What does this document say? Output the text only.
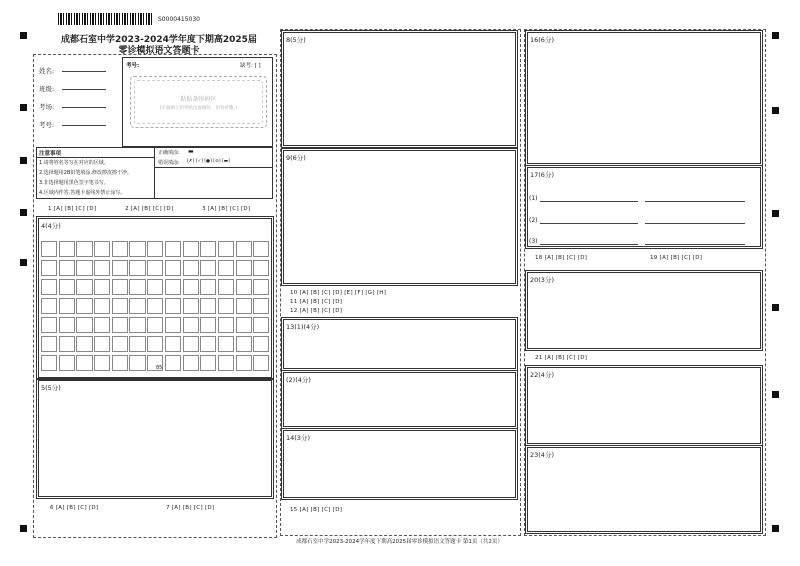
S0000415030
成都石室中学2023-2024学年度下期高2025届
零诊模拟语文答题卡
姓名:
班级:
考场:
考号:
考号:	缺考: [ ]
粘贴条形码区
(正面朝上切勿贴出虚线外，切勿折叠。)
注意事项
1.请将姓名等写在对应的区域。
2.选择题用2B铅笔填涂,修改擦皮擦干净。
3.非选择题用黑色签字笔书写。
4.区域内作答,答题卡虚线外禁止涂写。
正确填涂: ▬
错误填涂: [✗] [✓] [●] [⊘] [▬]
1 [A] [B] [C] [D]	2 [A] [B] [C] [D]	3 [A] [B] [C] [D]
4(4分)
85
5(5分)
6 [A] [B] [C] [D]	7 [A] [B] [C] [D]
8(5分)
9(6分)
10 [A] [B] [C] [D] [E] [F] [G] [H]
11 [A] [B] [C] [D]
12 [A] [B] [C] [D]
13(1)(4分)
(2)(4分)
14(3分)
15 [A] [B] [C] [D]
16(6分)
17(6分)
(1)
(2)
(3)
18 [A] [B] [C] [D]	19 [A] [B] [C] [D]
20(3分)
21 [A] [B] [C] [D]
22(4分)
23(4分)
成都石室中学2023-2024学年度下期高2025届零诊模拟语文答题卡 第1页（共2页）
